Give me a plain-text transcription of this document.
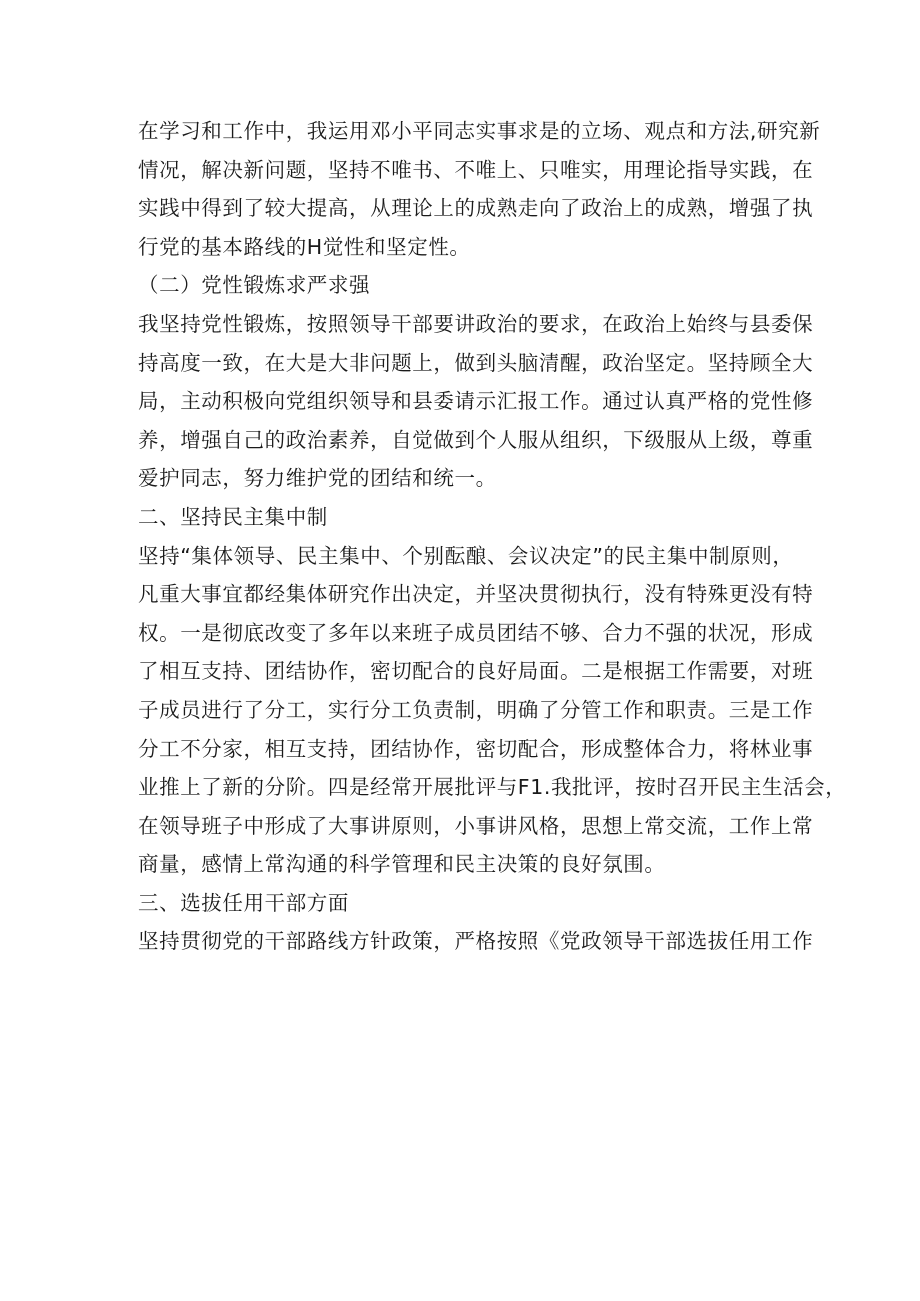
在学习和工作中，我运用邓小平同志实事求是的立场、观点和方法,研究新
情况，解决新问题，坚持不唯书、不唯上、只唯实，用理论指导实践，在
实践中得到了较大提高，从理论上的成熟走向了政治上的成熟，增强了执
行党的基本路线的H觉性和坚定性。

（二）党性锻炼求严求强

我坚持党性锻炼，按照领导干部要讲政治的要求，在政治上始终与县委保
持高度一致，在大是大非问题上，做到头脑清醒，政治坚定。坚持顾全大
局，主动积极向党组织领导和县委请示汇报工作。通过认真严格的党性修
养，增强自己的政治素养，自觉做到个人服从组织，下级服从上级，尊重
爱护同志，努力维护党的团结和统一。

二、坚持民主集中制

坚持“集体领导、民主集中、个别酝酿、会议决定”的民主集中制原则，
凡重大事宜都经集体研究作出决定，并坚决贯彻执行，没有特殊更没有特
权。一是彻底改变了多年以来班子成员团结不够、合力不强的状况，形成
了相互支持、团结协作，密切配合的良好局面。二是根据工作需要，对班
子成员进行了分工，实行分工负责制，明确了分管工作和职责。三是工作
分工不分家，相互支持，团结协作，密切配合，形成整体合力，将林业事
业推上了新的分阶。四是经常开展批评与F1.我批评，按时召开民主生活会，
在领导班子中形成了大事讲原则，小事讲风格，思想上常交流，工作上常
商量，感情上常沟通的科学管理和民主决策的良好氛围。

三、选拔任用干部方面

坚持贯彻党的干部路线方针政策，严格按照《党政领导干部选拔任用工作
